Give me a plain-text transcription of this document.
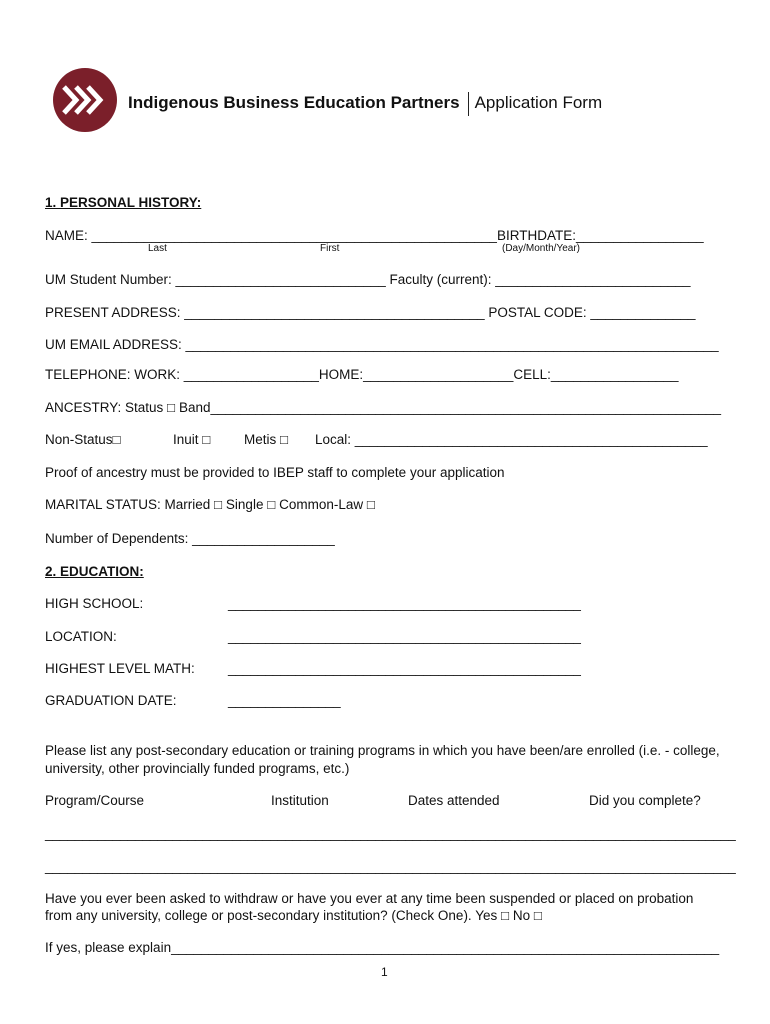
Indigenous Business Education Partners Application Form
1. PERSONAL HISTORY:
NAME: ______________________________________________________BIRTHDATE:_________________
Last	First	(Day/Month/Year)
UM Student Number: ____________________________ Faculty (current): __________________________
PRESENT ADDRESS: ________________________________________ POSTAL CODE: ______________
UM EMAIL ADDRESS: _______________________________________________________________________
TELEPHONE: WORK: __________________HOME:____________________CELL:_________________
ANCESTRY: Status □ Band____________________________________________________________________
Non-Status□	Inuit □ Metis □ Local: _______________________________________________
Proof of ancestry must be provided to IBEP staff to complete your application
MARITAL STATUS: Married □ Single □ Common-Law □
Number of Dependents: ___________________
2. EDUCATION:
HIGH SCHOOL:	_______________________________________________
LOCATION:	_______________________________________________
HIGHEST LEVEL MATH: _______________________________________________
GRADUATION DATE:	_______________
Please list any post-secondary education or training programs in which you have been/are enrolled (i.e. - college,
university, other provincially funded programs, etc.)
Program/Course	Institution	Dates attended	Did you complete?
____________________________________________________________________________________________
____________________________________________________________________________________________
Have you ever been asked to withdraw or have you ever at any time been suspended or placed on probation
from any university, college or post-secondary institution? (Check One). Yes □ No □
If yes, please explain_________________________________________________________________________
1
